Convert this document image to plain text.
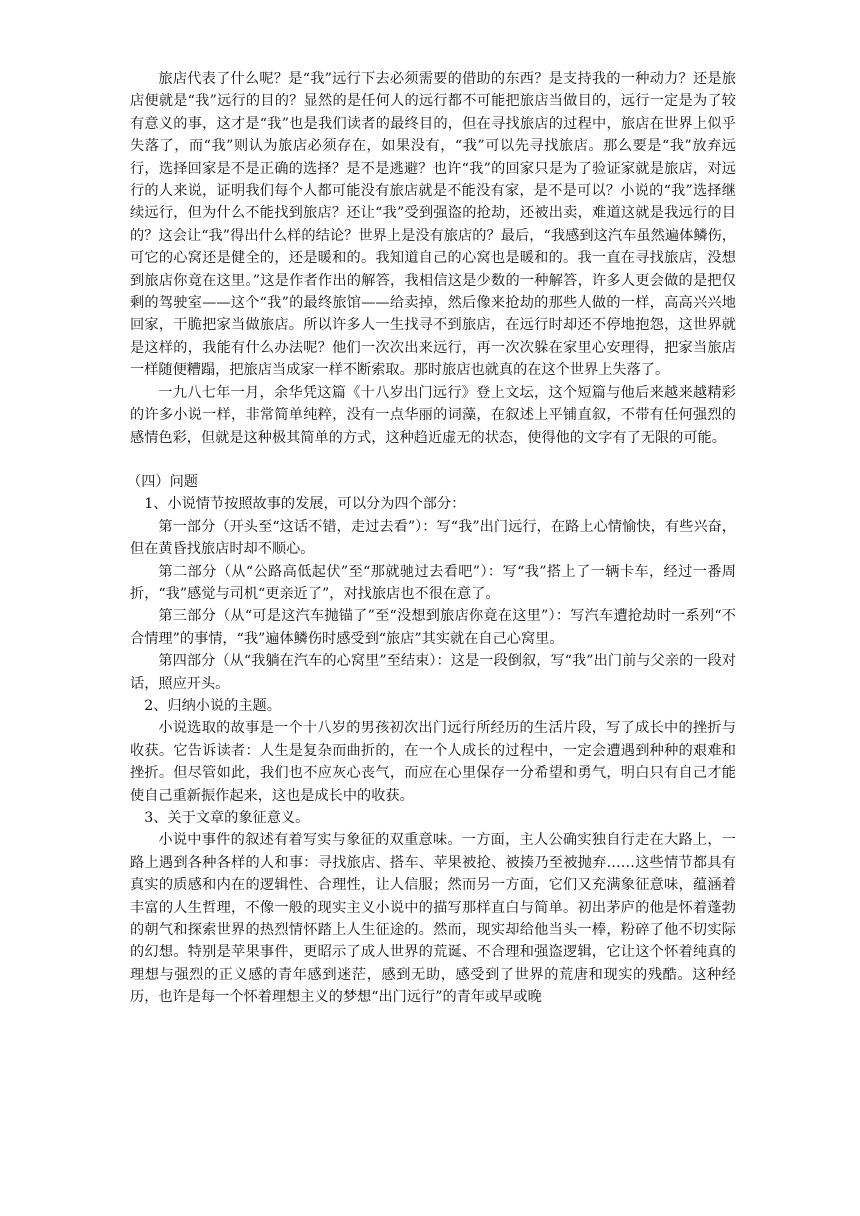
旅店代表了什么呢？是“我”远行下去必须需要的借助的东西？是支持我的一种动力？还是旅店便就是“我”远行的目的？显然的是任何人的远行都不可能把旅店当做目的，远行一定是为了较有意义的事，这才是“我”也是我们读者的最终目的，但在寻找旅店的过程中，旅店在世界上似乎失落了，而“我”则认为旅店必须存在，如果没有，“我”可以先寻找旅店。那么要是“我”放弃远行，选择回家是不是正确的选择？是不是逃避？也许“我”的回家只是为了验证家就是旅店，对远行的人来说，证明我们每个人都可能没有旅店就是不能没有家，是不是可以？小说的“我”选择继续远行，但为什么不能找到旅店？还让“我”受到强盗的抢劫，还被出卖，难道这就是我远行的目的？这会让“我”得出什么样的结论？世界上是没有旅店的？最后，“我感到这汽车虽然遍体鳞伤，可它的心窝还是健全的，还是暖和的。我知道自己的心窝也是暖和的。我一直在寻找旅店，没想到旅店你竟在这里。”这是作者作出的解答，我相信这是少数的一种解答，许多人更会做的是把仅剩的驾驶室——这个“我”的最终旅馆——给卖掉，然后像来抢劫的那些人做的一样，高高兴兴地回家，干脆把家当做旅店。所以许多人一生找寻不到旅店，在远行时却还不停地抱怨，这世界就是这样的，我能有什么办法呢？他们一次次出来远行，再一次次躲在家里心安理得，把家当旅店一样随便糟蹋，把旅店当成家一样不断索取。那时旅店也就真的在这个世界上失落了。

一九八七年一月，余华凭这篇《十八岁出门远行》登上文坛，这个短篇与他后来越来越精彩的许多小说一样，非常简单纯粹，没有一点华丽的词藻，在叙述上平铺直叙，不带有任何强烈的感情色彩，但就是这种极其简单的方式，这种趋近虚无的状态，使得他的文字有了无限的可能。

（四）问题

1、小说情节按照故事的发展，可以分为四个部分：

第一部分（开头至“这话不错，走过去看”）：写“我”出门远行，在路上心情愉快，有些兴奋，但在黄昏找旅店时却不顺心。

第二部分（从“公路高低起伏”至“那就驰过去看吧”）：写“我”搭上了一辆卡车，经过一番周折，“我”感觉与司机“更亲近了”，对找旅店也不很在意了。

第三部分（从“可是这汽车抛锚了”至“没想到旅店你竟在这里”）：写汽车遭抢劫时一系列“不合情理”的事情，“我”遍体鳞伤时感受到“旅店”其实就在自己心窝里。

第四部分（从“我躺在汽车的心窝里”至结束）：这是一段倒叙，写“我”出门前与父亲的一段对话，照应开头。

2、归纳小说的主题。

小说选取的故事是一个十八岁的男孩初次出门远行所经历的生活片段，写了成长中的挫折与收获。它告诉读者：人生是复杂而曲折的，在一个人成长的过程中，一定会遭遇到种种的艰难和挫折。但尽管如此，我们也不应灰心丧气，而应在心里保存一分希望和勇气，明白只有自己才能使自己重新振作起来，这也是成长中的收获。

3、关于文章的象征意义。

小说中事件的叙述有着写实与象征的双重意味。一方面，主人公确实独自行走在大路上，一路上遇到各种各样的人和事：寻找旅店、搭车、苹果被抢、被揍乃至被抛弃……这些情节都具有真实的质感和内在的逻辑性、合理性，让人信服；然而另一方面，它们又充满象征意味，蕴涵着丰富的人生哲理，不像一般的现实主义小说中的描写那样直白与简单。初出茅庐的他是怀着蓬勃的朝气和探索世界的热烈情怀踏上人生征途的。然而，现实却给他当头一棒，粉碎了他不切实际的幻想。特别是苹果事件，更昭示了成人世界的荒诞、不合理和强盗逻辑，它让这个怀着纯真的理想与强烈的正义感的青年感到迷茫，感到无助，感受到了世界的荒唐和现实的残酷。这种经历，也许是每一个怀着理想主义的梦想“出门远行”的青年或早或晚
